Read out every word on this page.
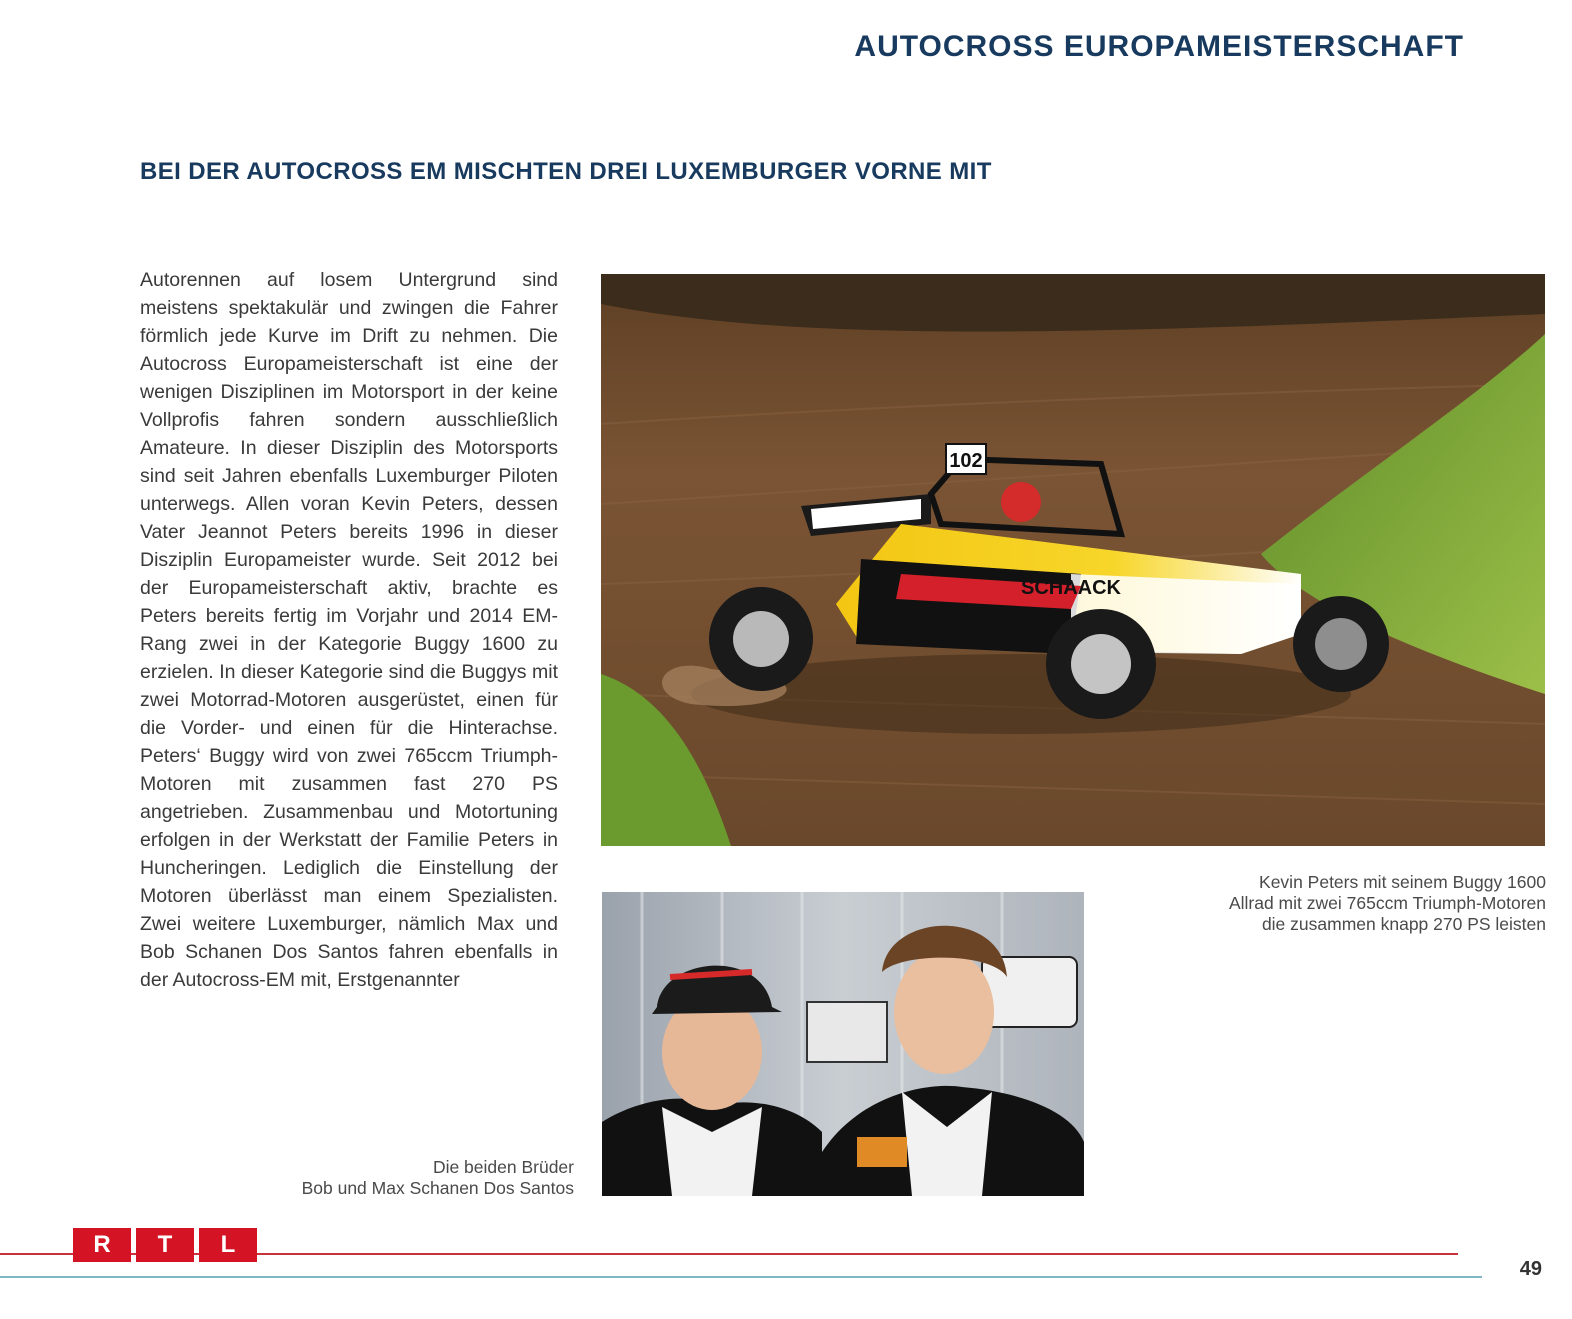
AUTOCROSS EUROPAMEISTERSCHAFT
BEI DER AUTOCROSS EM MISCHTEN DREI LUXEMBURGER VORNE MIT

Autorennen auf losem Untergrund sind meistens spektakulär und zwingen die Fahrer förmlich jede Kurve im Drift zu nehmen. Die Autocross Europameisterschaft ist eine der wenigen Disziplinen im Motorsport in der keine Vollprofis fahren sondern ausschließlich Amateure. In dieser Disziplin des Motorsports sind seit Jahren ebenfalls Luxemburger Piloten unterwegs. Allen voran Kevin Peters, dessen Vater Jeannot Peters bereits 1996 in dieser Disziplin Europameister wurde. Seit 2012 bei der Europameisterschaft aktiv, brachte es Peters bereits fertig im Vorjahr und 2014 EM-Rang zwei in der Kategorie Buggy 1600 zu erzielen. In dieser Kategorie sind die Buggys mit zwei Motorrad-Motoren ausgerüstet, einen für die Vorder- und einen für die Hinterachse. Peters‘ Buggy wird von zwei 765ccm Triumph-Motoren mit zusammen fast 270 PS angetrieben. Zusammenbau und Motortuning erfolgen in der Werkstatt der Familie Peters in Huncheringen. Lediglich die Einstellung der Motoren überlässt man einem Spezialisten. Zwei weitere Luxemburger, nämlich Max und Bob Schanen Dos Santos fahren ebenfalls in der Autocross-EM mit, Erstgenannter

102
SCHAACK

Kevin Peters mit seinem Buggy 1600
Allrad mit zwei 765ccm Triumph-Motoren
die zusammen knapp 270 PS leisten

Die beiden Brüder
Bob und Max Schanen Dos Santos

R	T	L

49
